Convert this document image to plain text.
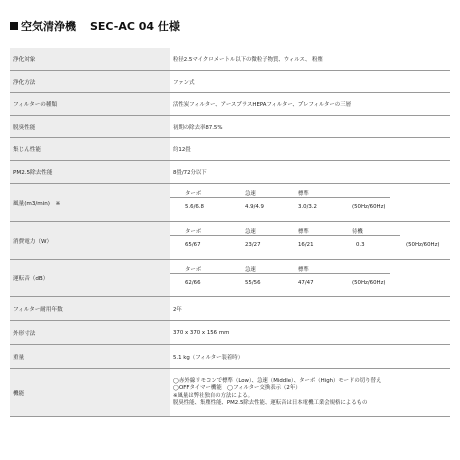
空気清浄機 SEC-AC 04 仕様
浄化対象	粒径2.5マイクロメートル以下の微粒子物質、ウィルス、 粉塵
浄化方法	ファン式
フィルターの種類	活性炭フィルター、アースプラスHEPAフィルター、プレフィルターの三層
脱臭性能	初期の除去率87.5%
集じん性能	約12畳
PM2.5除去性能	8畳/72分以下
風量(m3/min)　※
ターボ	急速	標準
5.6/6.8	4.9/4.9	3.0/3.2	(50Hz/60Hz)
消費電力（W）
ターボ	急速	標準	待機
65/67	23/27	16/21	0.3	(50Hz/60Hz)
運転音（dB）
ターボ	急速	標準
62/66	55/56	47/47	(50Hz/60Hz)
フィルター耐用年数	2年
外形寸法	370 x 370 x 156 mm
重量	5.1 kg（フィルター装着時）
機能
◯赤外線リモコンで標準（Low）、急速（Middle）、ターボ（High）モードの切り替え
◯OFFタイマー機能　◯フィルター交換表示（2年）
※風量は弊社独自の方法による。
脱臭性能、集塵性能、PM2.5除去性能、運転音は日本電機工業会規格によるもの
